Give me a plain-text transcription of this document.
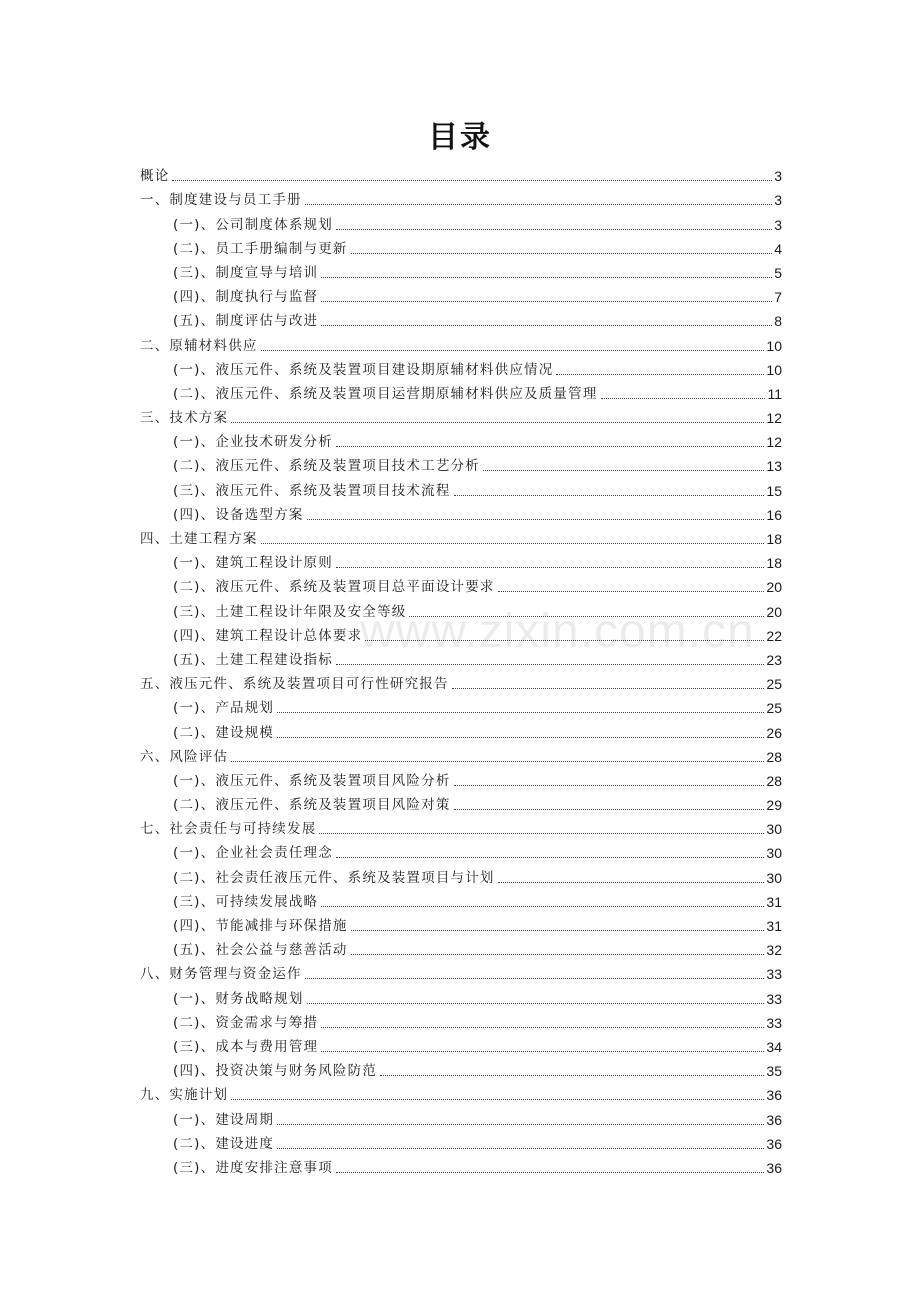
目录
概论	3
一、制度建设与员工手册	3
(一)、公司制度体系规划	3
(二)、员工手册编制与更新	4
(三)、制度宣导与培训	5
(四)、制度执行与监督	7
(五)、制度评估与改进	8
二、原辅材料供应	10
(一)、液压元件、系统及装置项目建设期原辅材料供应情况	10
(二)、液压元件、系统及装置项目运营期原辅材料供应及质量管理	11
三、技术方案	12
(一)、企业技术研发分析	12
(二)、液压元件、系统及装置项目技术工艺分析	13
(三)、液压元件、系统及装置项目技术流程	15
(四)、设备选型方案	16
四、土建工程方案	18
(一)、建筑工程设计原则	18
(二)、液压元件、系统及装置项目总平面设计要求	20
(三)、土建工程设计年限及安全等级	20
(四)、建筑工程设计总体要求	22
(五)、土建工程建设指标	23
五、液压元件、系统及装置项目可行性研究报告	25
(一)、产品规划	25
(二)、建设规模	26
六、风险评估	28
(一)、液压元件、系统及装置项目风险分析	28
(二)、液压元件、系统及装置项目风险对策	29
七、社会责任与可持续发展	30
(一)、企业社会责任理念	30
(二)、社会责任液压元件、系统及装置项目与计划	30
(三)、可持续发展战略	31
(四)、节能减排与环保措施	31
(五)、社会公益与慈善活动	32
八、财务管理与资金运作	33
(一)、财务战略规划	33
(二)、资金需求与筹措	33
(三)、成本与费用管理	34
(四)、投资决策与财务风险防范	35
九、实施计划	36
(一)、建设周期	36
(二)、建设进度	36
(三)、进度安排注意事项	36
www.zixin.com.cn
